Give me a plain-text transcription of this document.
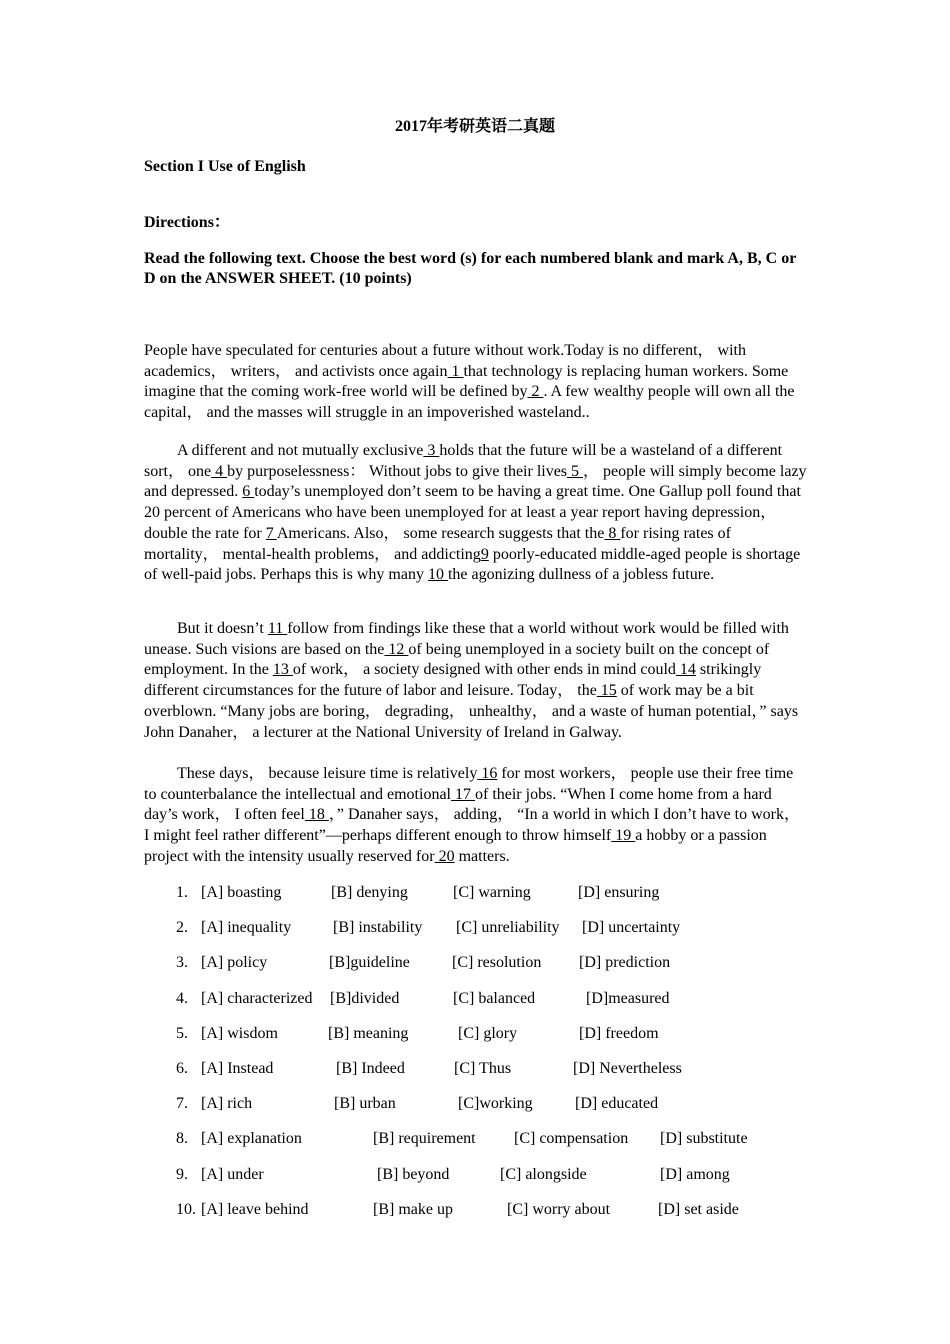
2017年考研英语二真题
Section I Use of English
Directions：
Read the following text. Choose the best word (s) for each numbered blank and mark A, B, C or D on the ANSWER SHEET. (10 points)
People have speculated for centuries about a future without work.Today is no different， with academics， writers， and activists once again 1 that technology is replacing human workers. Some imagine that the coming work-free world will be defined by 2 . A few wealthy people will own all the capital， and the masses will struggle in an impoverished wasteland..
A different and not mutually exclusive 3 holds that the future will be a wasteland of a different sort， one 4 by purposelessness： Without jobs to give their lives 5 ， people will simply become lazy and depressed. 6 today’s unemployed don’t seem to be having a great time. One Gallup poll found that 20 percent of Americans who have been unemployed for at least a year report having depression， double the rate for 7 Americans. Also， some research suggests that the 8 for rising rates of mortality， mental-health problems， and addicting9 poorly-educated middle-aged people is shortage of well-paid jobs. Perhaps this is why many 10 the agonizing dullness of a jobless future.
But it doesn’t 11 follow from findings like these that a world without work would be filled with unease. Such visions are based on the 12 of being unemployed in a society built on the concept of employment. In the 13 of work， a society designed with other ends in mind could 14 strikingly different circumstances for the future of labor and leisure. Today， the 15 of work may be a bit overblown. “Many jobs are boring， degrading， unhealthy， and a waste of human potential，” says John Danaher， a lecturer at the National University of Ireland in Galway.
These days， because leisure time is relatively 16 for most workers， people use their free time to counterbalance the intellectual and emotional 17 of their jobs. “When I come home from a hard day’s work， I often feel 18 ，” Danaher says， adding， “In a world in which I don’t have to work， I might feel rather different”—perhaps different enough to throw himself 19 a hobby or a passion project with the intensity usually reserved for 20 matters.
1. [A] boasting	[B] denying	[C] warning	[D] ensuring
2. [A] inequality	[B] instability [C] unreliability [D] uncertainty
3. [A] policy	[B]guideline	[C] resolution [D] prediction
4. [A] characterized [B]divided	[C] balanced	[D]measured
5. [A] wisdom	[B] meaning	[C] glory	[D] freedom
6. [A] Instead	[B] Indeed	[C] Thus	[D] Nevertheless
7. [A] rich	[B] urban	[C]working	[D] educated
8. [A] explanation	[B] requirement [C] compensation [D] substitute
9. [A] under	[B] beyond	[C] alongside	[D] among
10. [A] leave behind	[B] make up	[C] worry about	[D] set aside
